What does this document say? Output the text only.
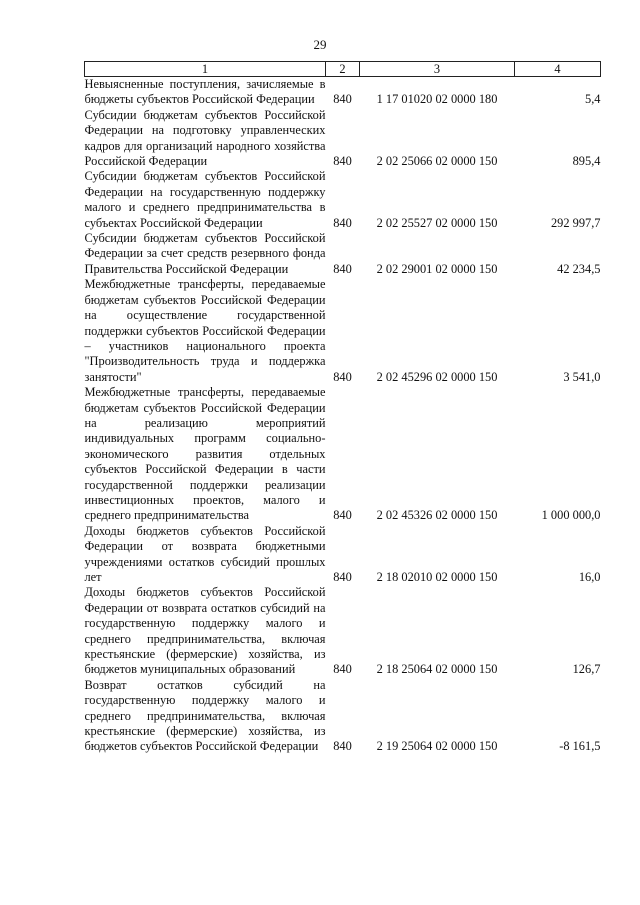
29
1	2	3	4
Невыясненные поступления, зачисляемые в бюджеты субъектов Российской Федерации	840	1 17 01020 02 0000 180	5,4
Субсидии бюджетам субъектов Российской Федерации на подготовку управленческих кадров для организаций народного хозяйства Российской Федерации	840	2 02 25066 02 0000 150	895,4
Субсидии бюджетам субъектов Российской Федерации на государственную поддержку малого и среднего предпринимательства в субъектах Российской Федерации	840	2 02 25527 02 0000 150	292 997,7
Субсидии бюджетам субъектов Российской Федерации за счет средств резервного фонда Правительства Российской Федерации	840	2 02 29001 02 0000 150	42 234,5
Межбюджетные трансферты, передаваемые бюджетам субъектов Российской Федерации на осуществление государственной поддержки субъектов Российской Федерации – участников национального проекта "Производительность труда и поддержка занятости"	840	2 02 45296 02 0000 150	3 541,0
Межбюджетные трансферты, передаваемые бюджетам субъектов Российской Федерации на реализацию мероприятий индивидуальных программ социально-экономического развития отдельных субъектов Российской Федерации в части государственной поддержки реализации инвестиционных проектов, малого и среднего предпринимательства	840	2 02 45326 02 0000 150	1 000 000,0
Доходы бюджетов субъектов Российской Федерации от возврата бюджетными учреждениями остатков субсидий прошлых лет	840	2 18 02010 02 0000 150	16,0
Доходы бюджетов субъектов Российской Федерации от возврата остатков субсидий на государственную поддержку малого и среднего предпринимательства, включая крестьянские (фермерские) хозяйства, из бюджетов муниципальных образований	840	2 18 25064 02 0000 150	126,7
Возврат остатков субсидий на государственную поддержку малого и среднего предпринимательства, включая крестьянские (фермерские) хозяйства, из бюджетов субъектов Российской Федерации	840	2 19 25064 02 0000 150	-8 161,5
